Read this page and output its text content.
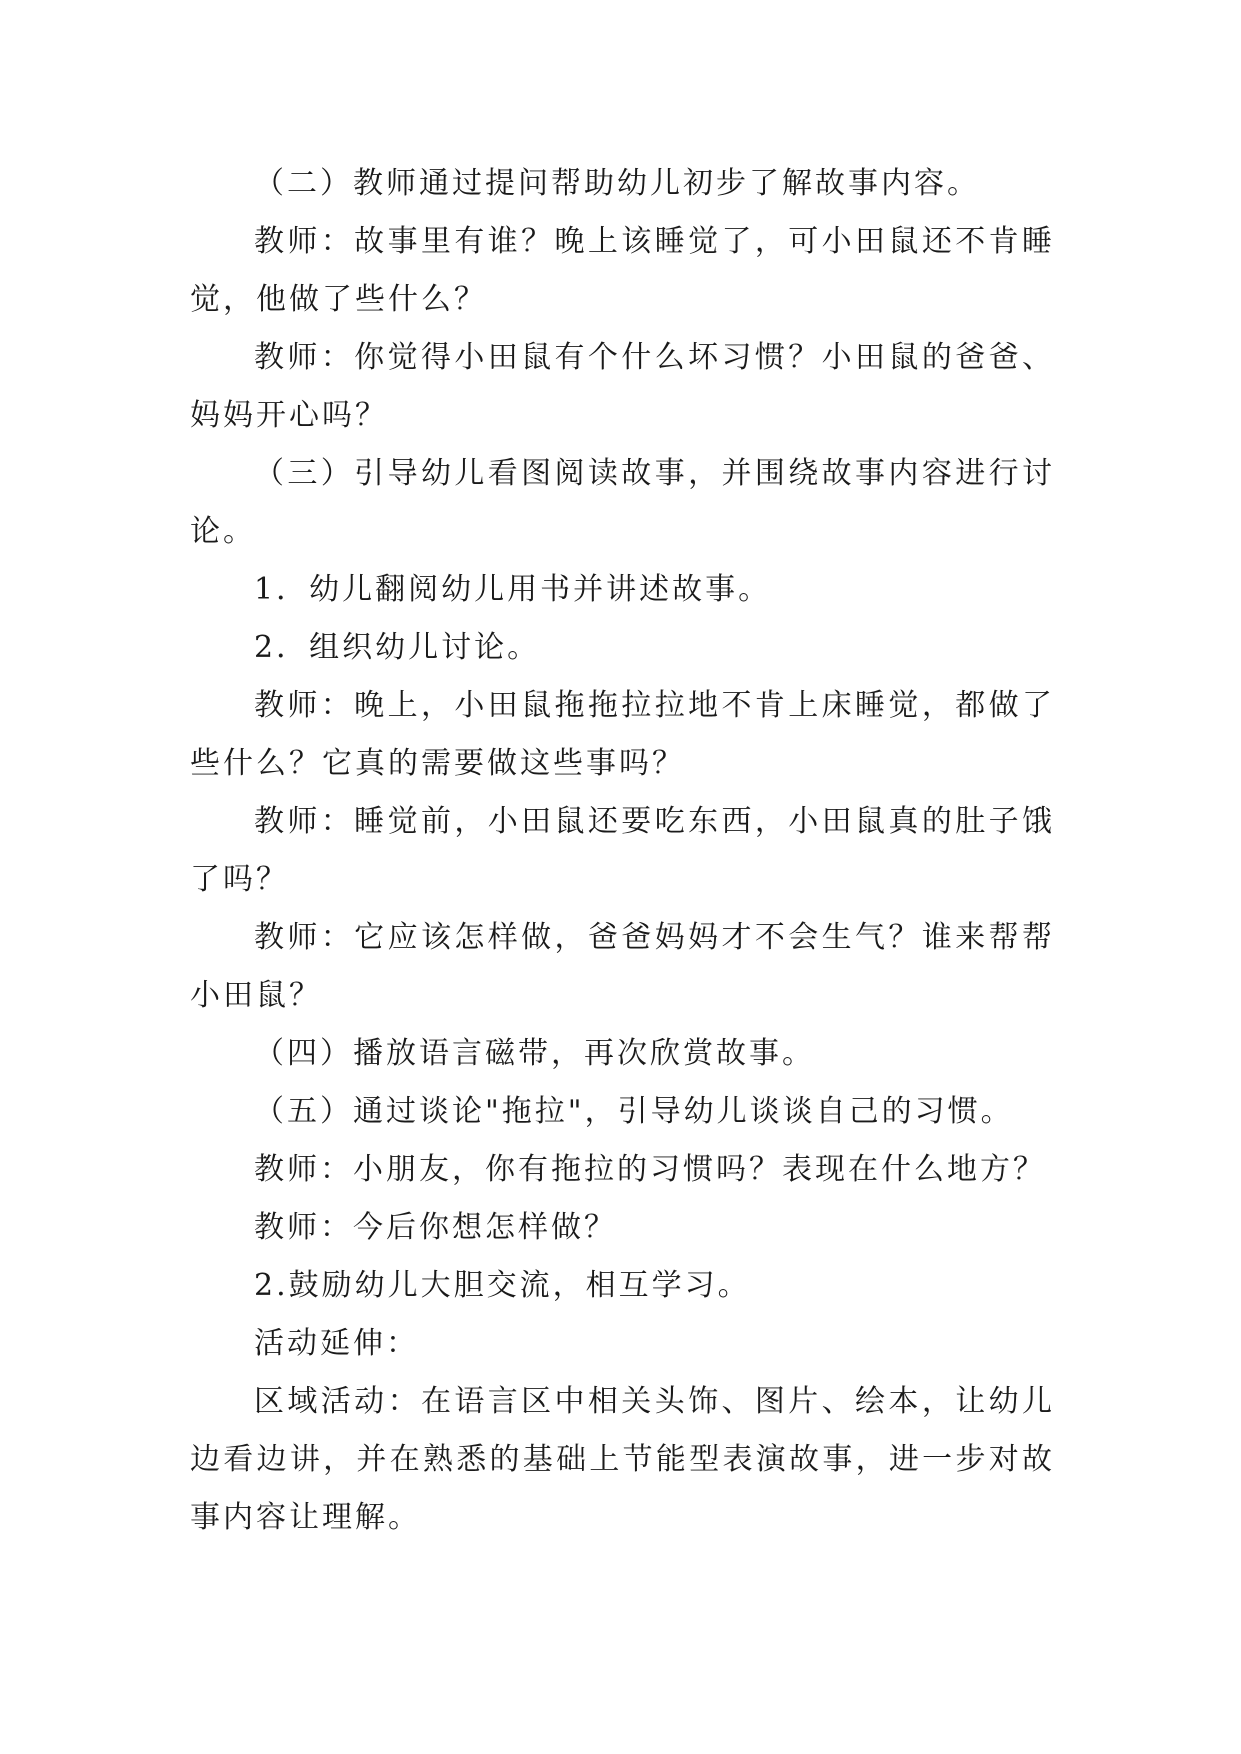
（二）教师通过提问帮助幼儿初步了解故事内容。

教师：故事里有谁？晚上该睡觉了，可小田鼠还不肯睡觉，他做了些什么？

教师：你觉得小田鼠有个什么坏习惯？小田鼠的爸爸、妈妈开心吗？

（三）引导幼儿看图阅读故事，并围绕故事内容进行讨论。

1．幼儿翻阅幼儿用书并讲述故事。

2．组织幼儿讨论。

教师：晚上，小田鼠拖拖拉拉地不肯上床睡觉，都做了些什么？它真的需要做这些事吗？

教师：睡觉前，小田鼠还要吃东西，小田鼠真的肚子饿了吗？

教师：它应该怎样做，爸爸妈妈才不会生气？谁来帮帮小田鼠？

（四）播放语言磁带，再次欣赏故事。

（五）通过谈论"拖拉"，引导幼儿谈谈自己的习惯。

教师：小朋友，你有拖拉的习惯吗？表现在什么地方？

教师：今后你想怎样做？

2.鼓励幼儿大胆交流，相互学习。

活动延伸：

区域活动：在语言区中相关头饰、图片、绘本，让幼儿边看边讲，并在熟悉的基础上节能型表演故事，进一步对故事内容让理解。
